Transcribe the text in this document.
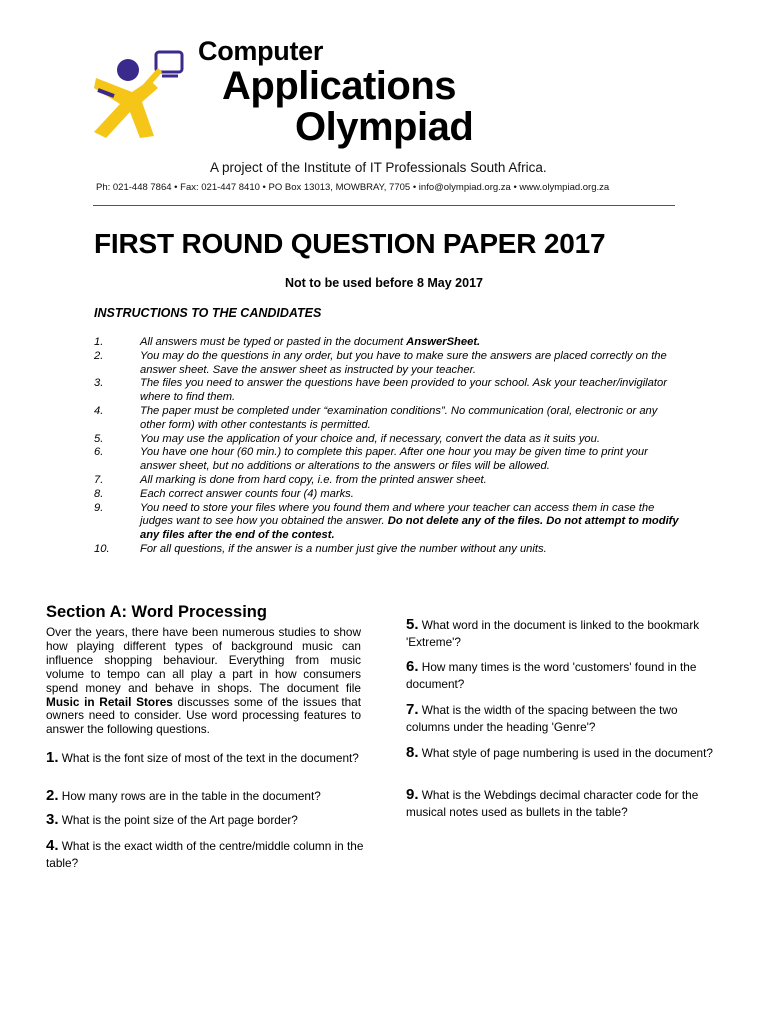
Computer
Applications
Olympiad
A project of the Institute of IT Professionals South Africa.
Ph: 021-448 7864 • Fax: 021-447 8410 • PO Box 13013, MOWBRAY, 7705 • info@olympiad.org.za • www.olympiad.org.za
FIRST ROUND QUESTION PAPER 2017
Not to be used before 8 May 2017
INSTRUCTIONS TO THE CANDIDATES
1.	All answers must be typed or pasted in the document AnswerSheet.
2.	You may do the questions in any order, but you have to make sure the answers are placed correctly on the answer sheet. Save the answer sheet as instructed by your teacher.
3.	The files you need to answer the questions have been provided to your school. Ask your teacher/invigilator where to find them.
4.	The paper must be completed under “examination conditions”. No communication (oral, electronic or any other form) with other contestants is permitted.
5.	You may use the application of your choice and, if necessary, convert the data as it suits you.
6.	You have one hour (60 min.) to complete this paper. After one hour you may be given time to print your answer sheet, but no additions or alterations to the answers or files will be allowed.
7.	All marking is done from hard copy, i.e. from the printed answer sheet.
8.	Each correct answer counts four (4) marks.
9.	You need to store your files where you found them and where your teacher can access them in case the judges want to see how you obtained the answer. Do not delete any of the files. Do not attempt to modify any files after the end of the contest.
10.	For all questions, if the answer is a number just give the number without any units.
Section A: Word Processing
Over the years, there have been numerous studies to show how playing different types of background music can influence shopping behaviour. Everything from music volume to tempo can all play a part in how consumers spend money and behave in shops. The document file Music in Retail Stores discusses some of the issues that owners need to consider. Use word processing features to answer the following questions.
1. What is the font size of most of the text in the document?
2. How many rows are in the table in the document?
3. What is the point size of the Art page border?
4. What is the exact width of the centre/middle column in the table?
5. What word in the document is linked to the bookmark 'Extreme'?
6. How many times is the word 'customers' found in the document?
7. What is the width of the spacing between the two columns under the heading 'Genre'?
8. What style of page numbering is used in the document?
9. What is the Webdings decimal character code for the musical notes used as bullets in the table?
